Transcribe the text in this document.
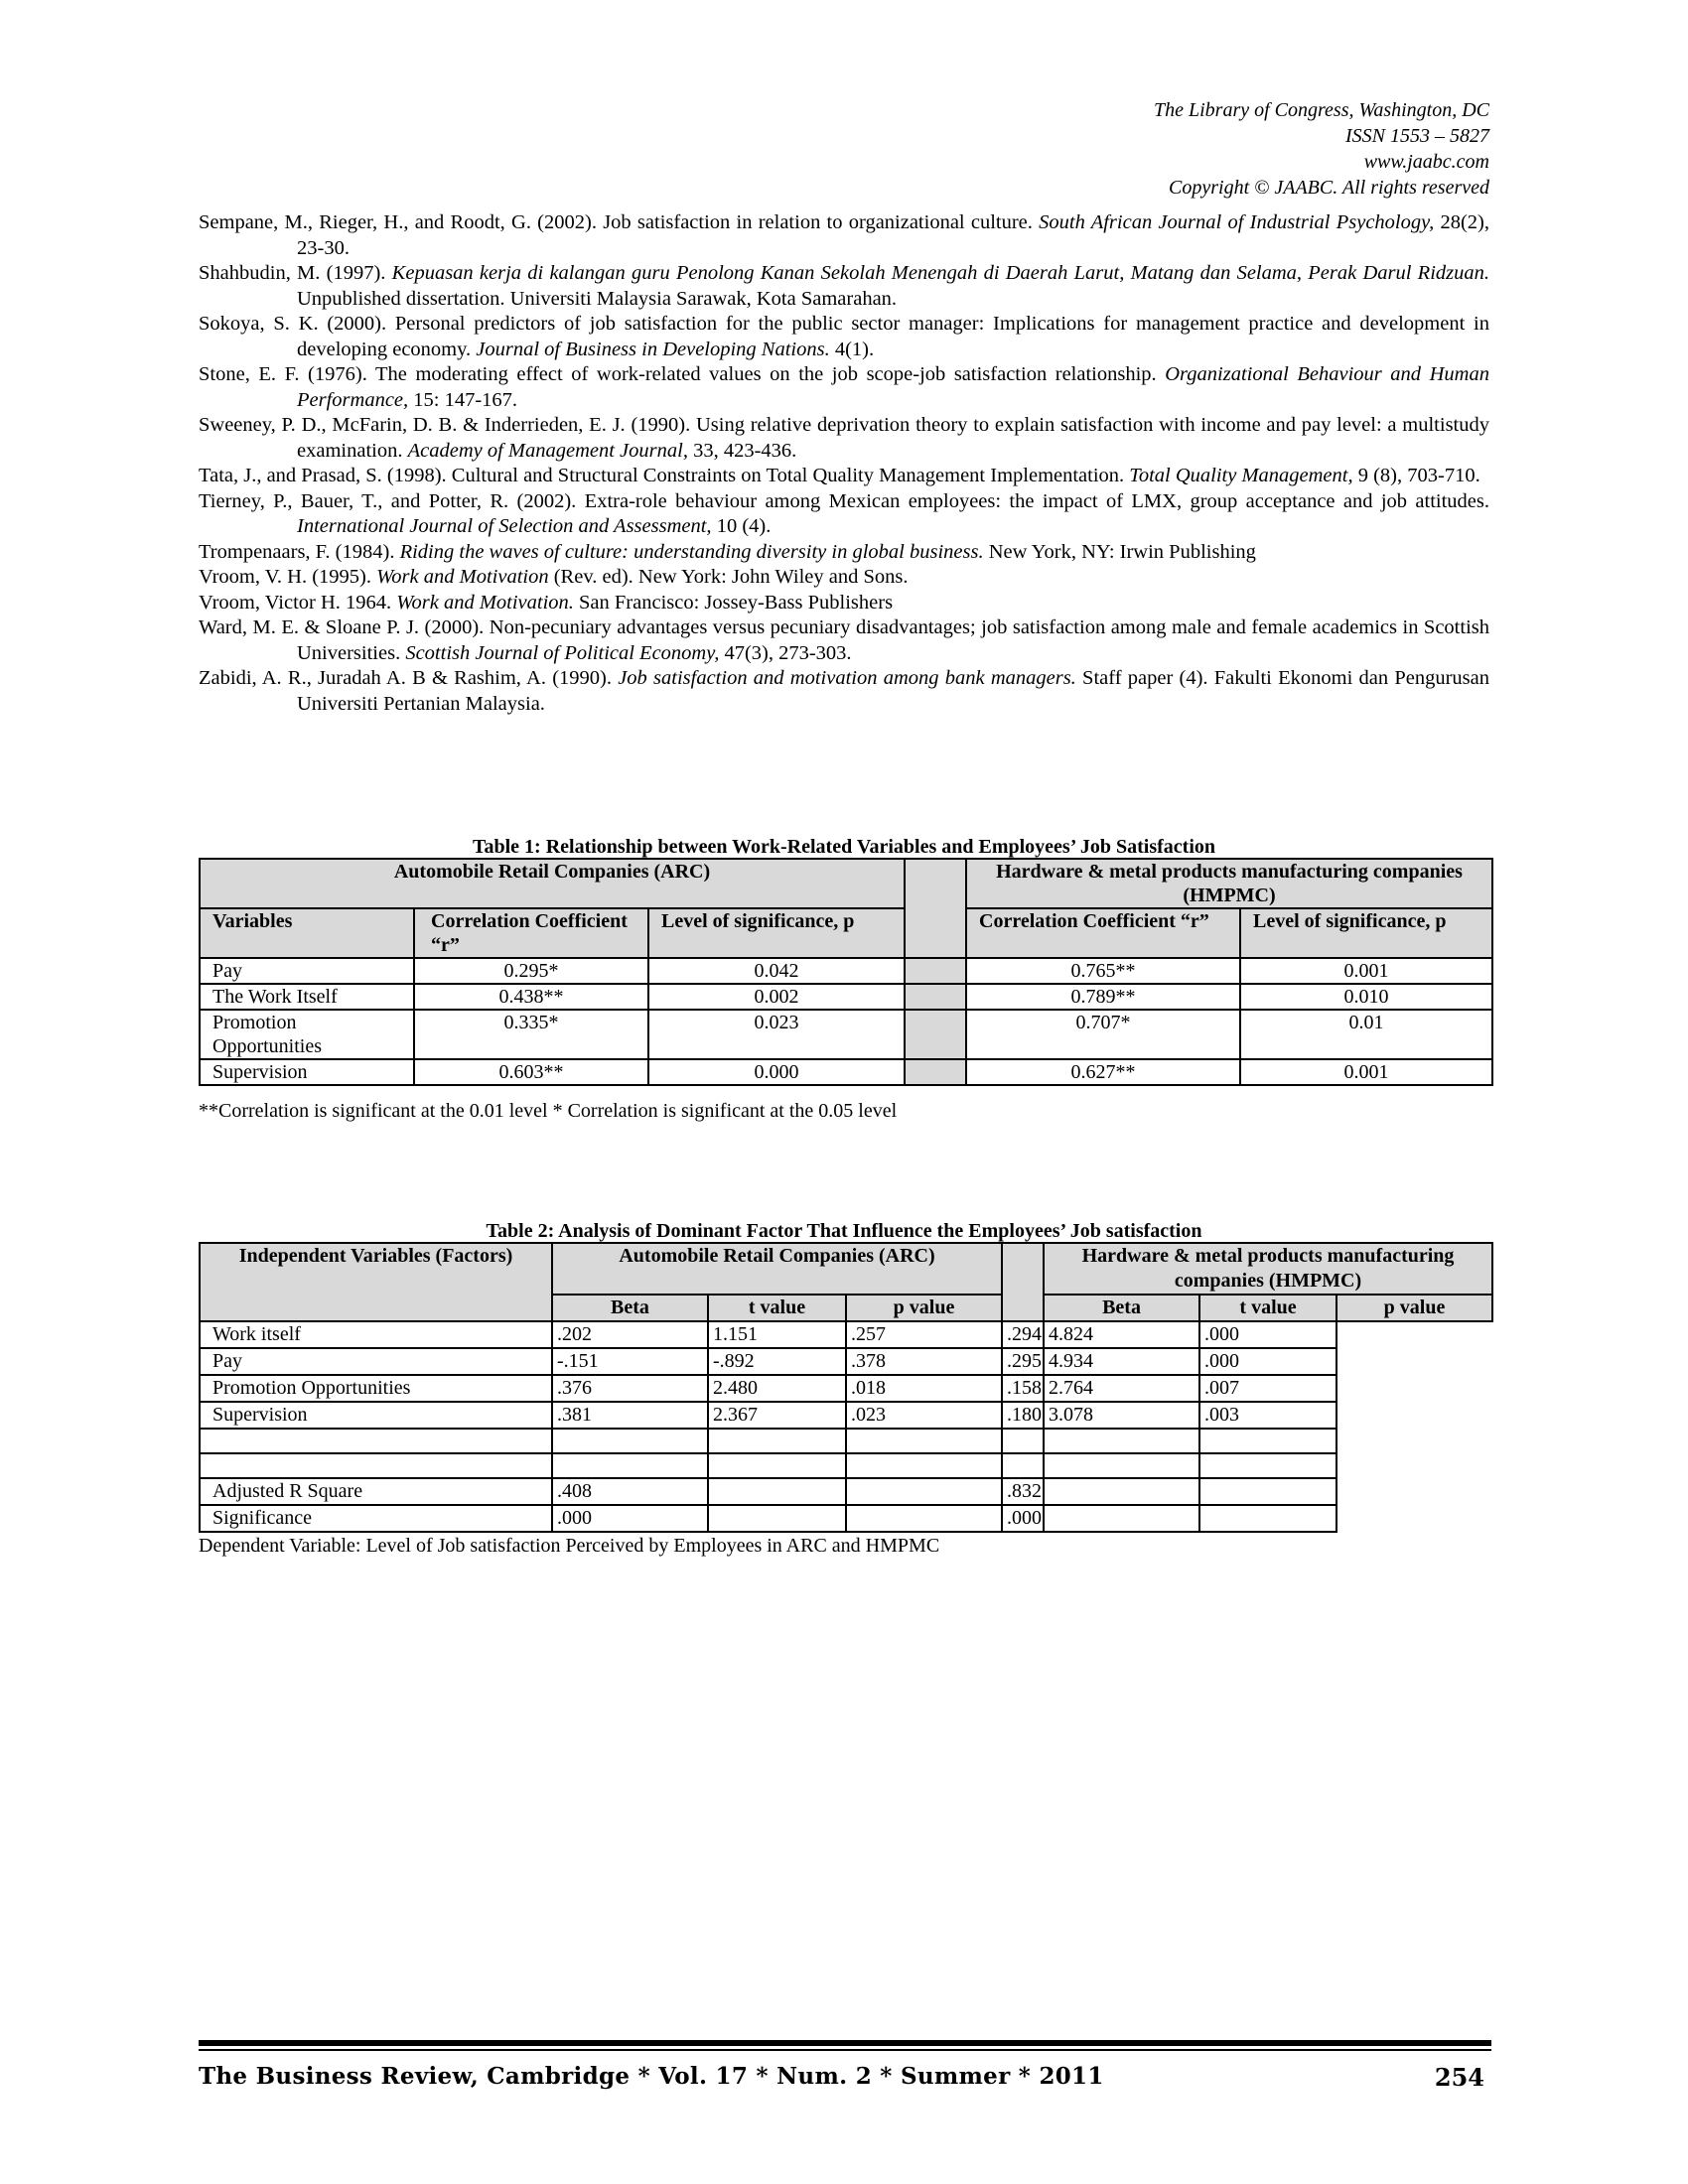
The Library of Congress, Washington, DC
ISSN 1553 – 5827
www.jaabc.com
Copyright © JAABC. All rights reserved
Sempane, M., Rieger, H., and Roodt, G. (2002). Job satisfaction in relation to organizational culture. South African Journal of Industrial Psychology, 28(2), 23-30.
Shahbudin, M. (1997). Kepuasan kerja di kalangan guru Penolong Kanan Sekolah Menengah di Daerah Larut, Matang dan Selama, Perak Darul Ridzuan. Unpublished dissertation. Universiti Malaysia Sarawak, Kota Samarahan.
Sokoya, S. K. (2000). Personal predictors of job satisfaction for the public sector manager: Implications for management practice and development in developing economy. Journal of Business in Developing Nations. 4(1).
Stone, E. F. (1976). The moderating effect of work-related values on the job scope-job satisfaction relationship. Organizational Behaviour and Human Performance, 15: 147-167.
Sweeney, P. D., McFarin, D. B. & Inderrieden, E. J. (1990). Using relative deprivation theory to explain satisfaction with income and pay level: a multistudy examination. Academy of Management Journal, 33, 423-436.
Tata, J., and Prasad, S. (1998). Cultural and Structural Constraints on Total Quality Management Implementation. Total Quality Management, 9 (8), 703-710.
Tierney, P., Bauer, T., and Potter, R. (2002). Extra-role behaviour among Mexican employees: the impact of LMX, group acceptance and job attitudes. International Journal of Selection and Assessment, 10 (4).
Trompenaars, F. (1984). Riding the waves of culture: understanding diversity in global business. New York, NY: Irwin Publishing
Vroom, V. H. (1995). Work and Motivation (Rev. ed). New York: John Wiley and Sons.
Vroom, Victor H. 1964. Work and Motivation. San Francisco: Jossey-Bass Publishers
Ward, M. E. & Sloane P. J. (2000). Non-pecuniary advantages versus pecuniary disadvantages; job satisfaction among male and female academics in Scottish Universities. Scottish Journal of Political Economy, 47(3), 273-303.
Zabidi, A. R., Juradah A. B & Rashim, A. (1990). Job satisfaction and motivation among bank managers. Staff paper (4). Fakulti Ekonomi dan Pengurusan Universiti Pertanian Malaysia.
Table 1: Relationship between Work-Related Variables and Employees’ Job Satisfaction
Automobile Retail Companies (ARC)				Hardware & metal products manufacturing companies (HMPMC)	
Variables	Correlation Coefficient “r”	Level of significance, p		Correlation Coefficient “r”	Level of significance, p
Pay	0.295*	0.042		0.765**	0.001
The Work Itself	0.438**	0.002		0.789**	0.010
Promotion Opportunities	0.335*	0.023		0.707*	0.01
Supervision	0.603**	0.000		0.627**	0.001
**Correlation is significant at the 0.01 level * Correlation is significant at the 0.05 level
Table 2: Analysis of Dominant Factor That Influence the Employees’ Job satisfaction
Independent Variables (Factors)	Automobile Retail Companies (ARC)				Hardware & metal products manufacturing companies (HMPMC)		
	Beta	t value	p value		Beta	t value	p value
Work itself	.202	1.151	.257	.294	4.824	.000	
Pay	-.151	-.892	.378	.295	4.934	.000	
Promotion Opportunities	.376	2.480	.018	.158	2.764	.007	
Supervision	.381	2.367	.023	.180	3.078	.003	

Adjusted R Square	.408			.832			
Significance	.000			.000			
Dependent Variable: Level of Job satisfaction Perceived by Employees in ARC and HMPMC
The Business Review, Cambridge * Vol. 17 * Num. 2 * Summer * 2011	254
